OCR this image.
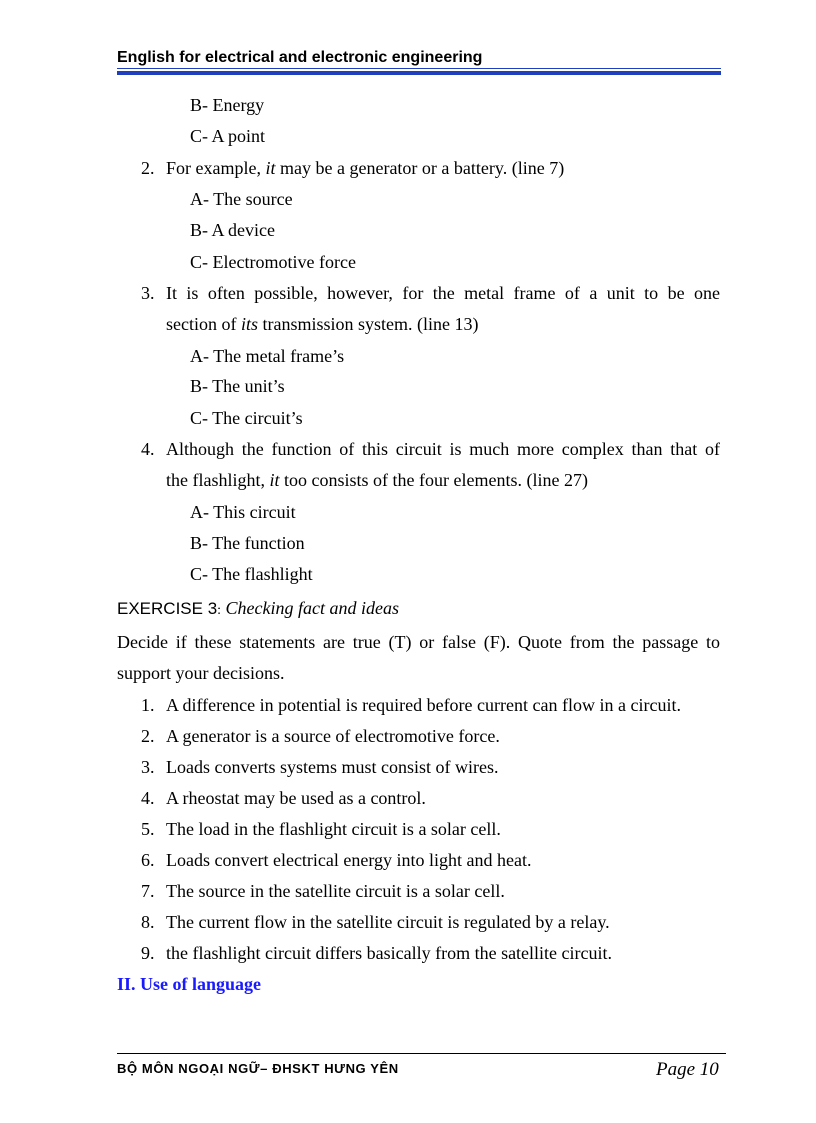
English for electrical and electronic engineering
B- Energy
C- A point
2. For example, it may be a generator or a battery. (line 7)
A- The source
B- A device
C- Electromotive force
3. It is often possible, however, for the metal frame of a unit to be one
section of its transmission system. (line 13)
A- The metal frame’s
B- The unit’s
C- The circuit’s
4. Although the function of this circuit is much more complex than that of
the flashlight, it too consists of the four elements. (line 27)
A- This circuit
B- The function
C- The flashlight
EXERCISE 3: Checking fact and ideas
Decide if these statements are true (T) or false (F). Quote from the passage to
support your decisions.
1. A difference in potential is required before current can flow in a circuit.
2. A generator is a source of electromotive force.
3. Loads converts systems must consist of wires.
4. A rheostat may be used as a control.
5. The load in the flashlight circuit is a solar cell.
6. Loads convert electrical energy into light and heat.
7. The source in the satellite circuit is a solar cell.
8. The current flow in the satellite circuit is regulated by a relay.
9. the flashlight circuit differs basically from the satellite circuit.
II. Use of language
BỘ MÔN NGOẠI NGỮ– ĐHSKT HƯNG YÊN	Page 10
